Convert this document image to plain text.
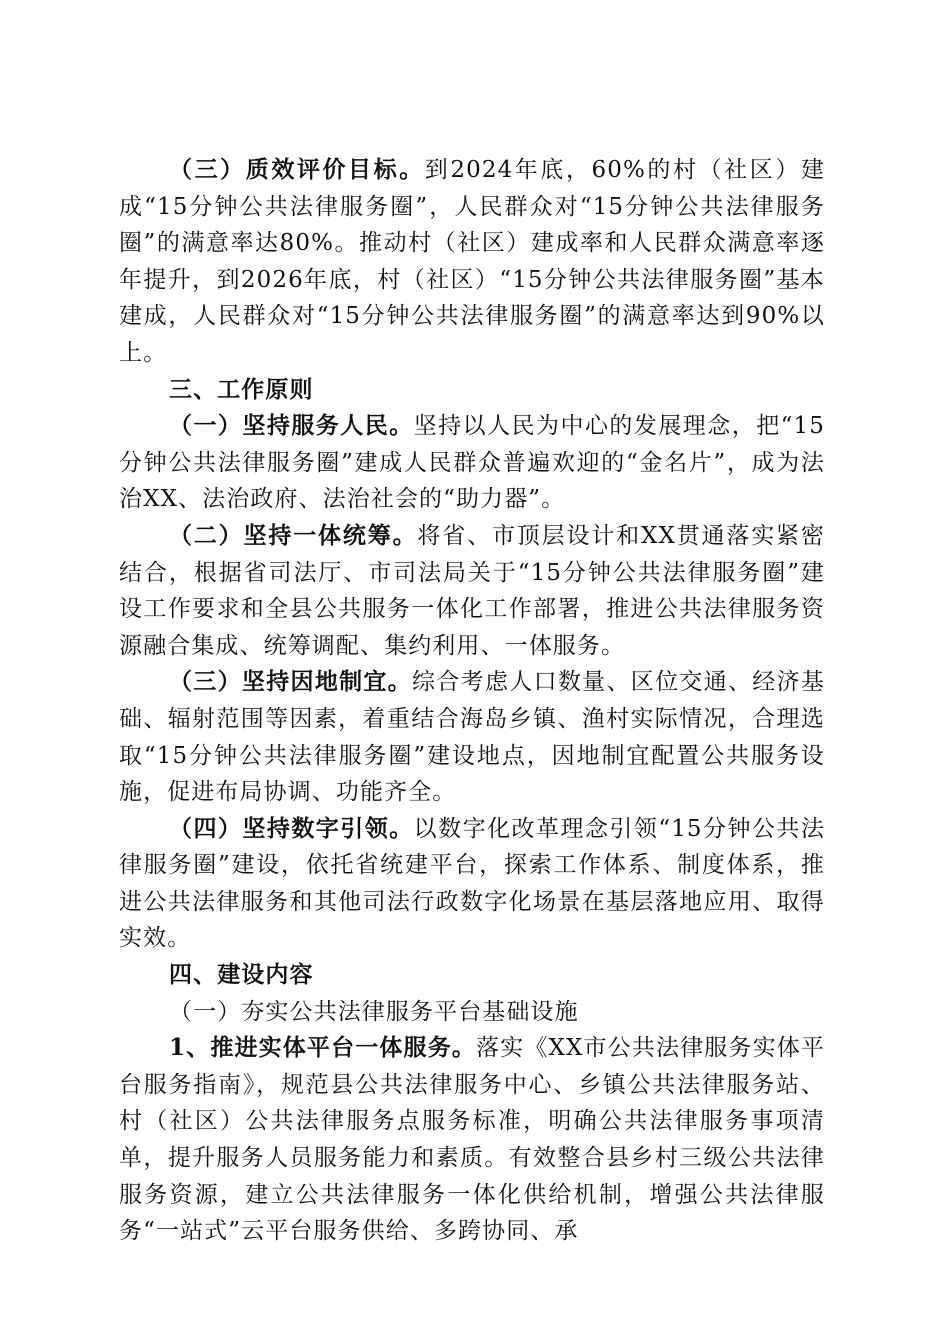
（三）质效评价目标。到2024年底，60%的村（社区）建成“15分钟公共法律服务圈”，人民群众对“15分钟公共法律服务圈”的满意率达80%。推动村（社区）建成率和人民群众满意率逐年提升，到2026年底，村（社区）“15分钟公共法律服务圈”基本建成，人民群众对“15分钟公共法律服务圈”的满意率达到90%以上。

三、工作原则

（一）坚持服务人民。坚持以人民为中心的发展理念，把“15分钟公共法律服务圈”建成人民群众普遍欢迎的“金名片”，成为法治XX、法治政府、法治社会的“助力器”。

（二）坚持一体统筹。将省、市顶层设计和XX贯通落实紧密结合，根据省司法厅、市司法局关于“15分钟公共法律服务圈”建设工作要求和全县公共服务一体化工作部署，推进公共法律服务资源融合集成、统筹调配、集约利用、一体服务。

（三）坚持因地制宜。综合考虑人口数量、区位交通、经济基础、辐射范围等因素，着重结合海岛乡镇、渔村实际情况，合理选取“15分钟公共法律服务圈”建设地点，因地制宜配置公共服务设施，促进布局协调、功能齐全。

（四）坚持数字引领。以数字化改革理念引领“15分钟公共法律服务圈”建设，依托省统建平台，探索工作体系、制度体系，推进公共法律服务和其他司法行政数字化场景在基层落地应用、取得实效。

四、建设内容

（一）夯实公共法律服务平台基础设施

1、推进实体平台一体服务。落实《XX市公共法律服务实体平台服务指南》，规范县公共法律服务中心、乡镇公共法律服务站、村（社区）公共法律服务点服务标准，明确公共法律服务事项清单，提升服务人员服务能力和素质。有效整合县乡村三级公共法律服务资源，建立公共法律服务一体化供给机制，增强公共法律服务“一站式”云平台服务供给、多跨协同、承
